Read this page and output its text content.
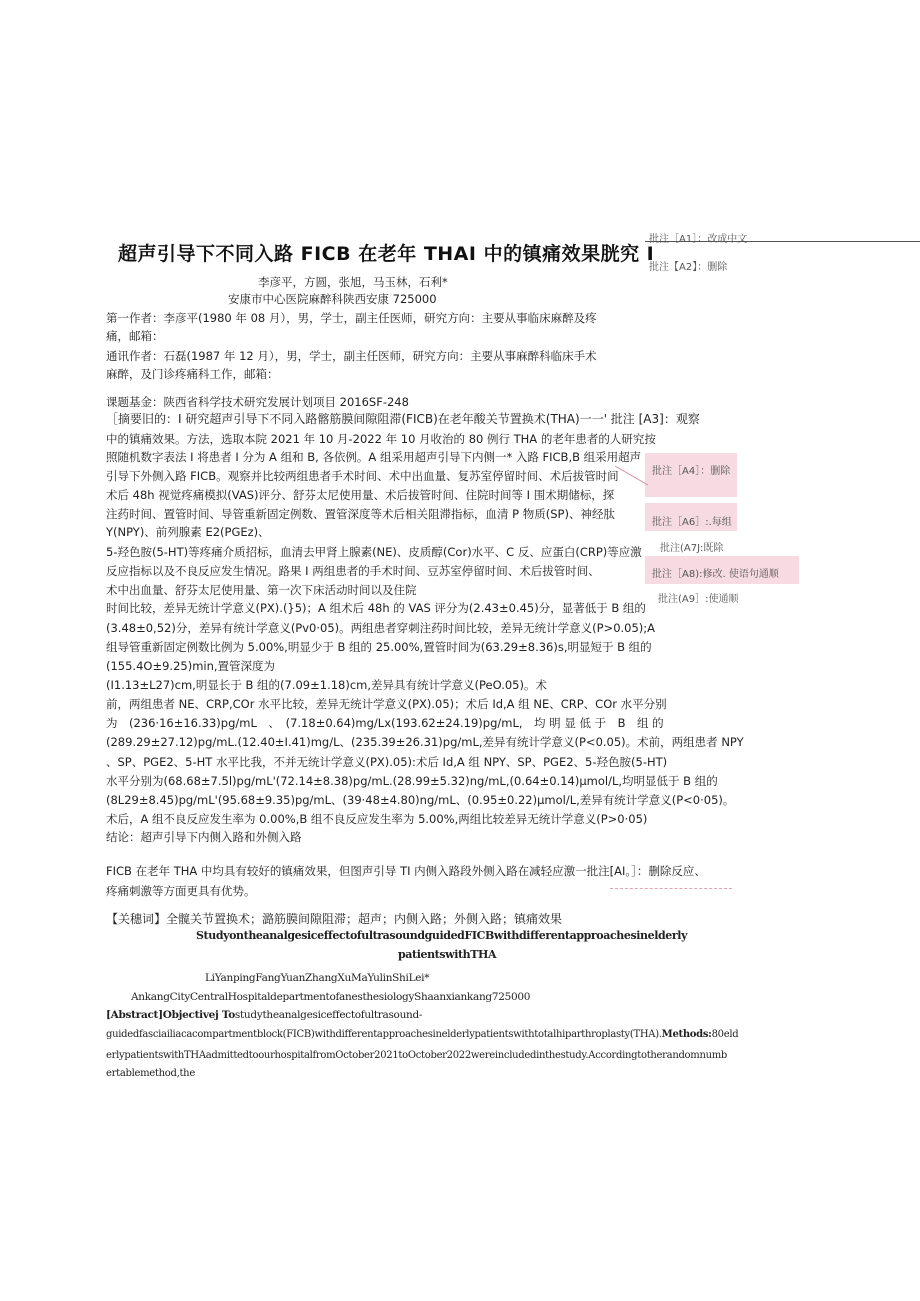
批注［A1］：改成中文
批注【A2】：删除
批注［A4］：删除
批注［A6］:.每组
批注(A7J:既除
批注［A8):修改. 使语句通顺
批注(A9］:使通顺
超声引导下不同入路 FICB 在老年 THAI 中的镇痛效果胱究 I
李彦平，方圆，张旭，马玉林，石利*
安康市中心医院麻醉科陕西安康 725000
第一作者：李彦平(1980 年 08 月），男，学士，副主任医师，研究方向：主要从事临床麻醉及疼
痛，邮箱：
通讯作者：石磊(1987 年 12 月），男，学士，副主任医师，研究方向：主要从事麻醉科临床手术
麻醉，及门诊疼痛科工作，邮箱：
课题基金：陕西省科学技术研究发展计划项目 2016SF-248
［摘要旧的：I 研究超声引导下不同入路髂筋膜间隙阻滞(FICB)在老年酸关节置换术(THA)一一' 批注 [A3]：观察
中的镇痛效果。方法，选取本院 2021 年 10 月-2022 年 10 月收治的 80 例行 THA 的老年患者的人研究按
照随机数字表法 I 将患者 I 分为 A 组和 B, 各依例。A 组采用超声引导下内侧一* 入路 FICB,B 组采用超声
引导下外侧入路 FICB。观察并比较两组患者手术时间、术中出血量、复苏室停留时间、术后拔管时间
术后 48h 视觉疼痛模拟(VAS)评分、舒芬太尼使用量、术后拔管时间、住院时间等 I 围术期储标，探
注药时间、置管时间、导管重新固定例数、置管深度等术后相关阻滞指标，血清 P 物质(SP)、神经肽
Y(NPY)、前列腺素 E2(PGEz)、
5-羟色胺(5-HT)等疼痛介质招标，血清去甲肾上腺素(NE)、皮质醇(Cor)水平、C 反、应蛋白(CRP)等应激
反应指标以及不良反应发生情况。路果 I 两组患者的手术时间、豆苏室停留时间、术后拔管时间、
术中出血量、舒芬太尼使用量、第一次下床活动时间以及住院
时间比较，差异无统计学意义(PX).(}5)；A 组术后 48h 的 VAS 评分为(2.43±0.45)分，显著低于 B 组的
(3.48±0,52)分，差异有统计学意义(Pv0·05)。两组患者穿刺注药时间比较，差异无统计学意义(P>0.05);A
组导管重新固定例数比例为 5.00%,明显少于 B 组的 25.00%,置管时间为(63.29±8.36)s,明显短于 B 组的
(155.4O±9.25)min,置管深度为
(I1.13±L27)cm,明显长于 B 组的(7.09±1.18)cm,差异具有统计学意义(PeO.05)。术
前，两组患者 NE、CRP,COr 水平比较，差异无统计学意义(PX).05)；术后 Id,A 组 NE、CRP、COr 水平分别
为　(236·16±16.33)pg/mL　、　(7.18±0.64)mg/Lx(193.62±24.19)pg/mL,　均 明 显 低 于　B　组 的
(289.29±27.12)pg/mL.(12.40±I.41)mg/L、(235.39±26.31)pg/mL,差异有统计学意义(P<0.05)。术前，两组患者 NPY
、SP、PGE2、5-HT 水平比我，不并无统计学意义(PX).05):术后 Id,A 组 NPY、SP、PGE2、5-羟色胺(5-HT)
水平分别为(68.68±7.5l)pg/mL'(72.14±8.38)pg/mL.(28.99±5.32)ng/mL,(0.64±0.14)μmol/L,均明显低于 B 组的
(8L29±8.45)pg/mL'(95.68±9.35)pg/mL、(39·48±4.80)ng/mL、(0.95±0.22)μmol/L,差异有统计学意义(P<0·05)。
术后，A 组不良反应发生率为 0.00%,B 组不良反应发生率为 5.00%,两组比较差异无统计学意义(P>0·05)
结论：超声引导下内侧入路和外侧入路
FICB 在老年 THA 中均具有较好的镇痛效果，但图声引导 TI 内侧入路段外侧入路在减轻应激一批注[AI。］：删除反应、
疼痛刺激等方面更具有优势。
【关穗词】全髋关节置换术；潞筋膜间隙阻滞；超声；内侧入路；外侧入路；镇痛效果
StudyontheanalgesiceffectofultrasoundguidedFICBwithdifferentapproachesinelderly
patientswithTHA
LiYanpingFangYuanZhangXuMaYulinShiLei*
AnkangCityCentralHospitaldepartmentofanesthesiologyShaanxiankang725000
[Abstract]Objectivej Tostudytheanalgesiceffectofultrasound-
guidedfasciailiacacompartmentblock(FICB)withdifferentapproachesinelderlypatientswithtotalhiparthroplasty(THA).Methods:80eld
erlypatientswithTHAadmittedtoourhospitalfromOctober2021toOctober2022wereincludedinthestudy.Accordingtotherandomnumb
ertablemethod,the
